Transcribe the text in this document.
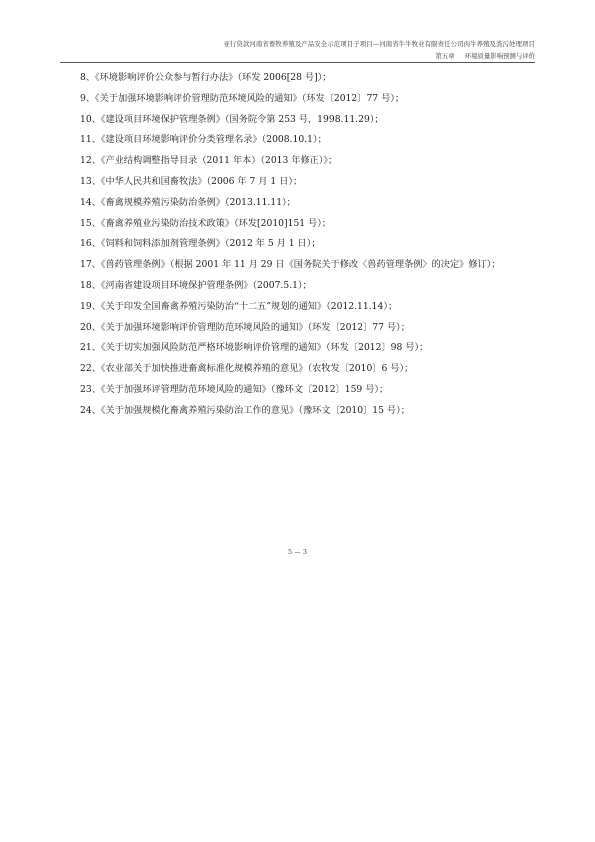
亚行贷款河南省畜牧养殖及产品安全示范项目子项目—河南省牛牛牧业有限责任公司肉牛养殖及粪污处理项目
第五章 环境质量影响预测与评价

8、《环境影响评价公众参与暂行办法》（环发 2006[28 号]）；

9、《关于加强环境影响评价管理防范环境风险的通知》（环发〔2012〕77 号）；

10、《建设项目环境保护管理条例》（国务院令第 253 号，1998.11.29）；

11、《建设项目环境影响评价分类管理名录》（2008.10.1）；

12、《产业结构调整指导目录（2011 年本）（2013 年修正）》；

13、《中华人民共和国畜牧法》（2006 年 7 月 1 日）；

14、《畜禽规模养殖污染防治条例》（2013.11.11）；

15、《畜禽养殖业污染防治技术政策》（环发[2010]151 号）；

16、《饲料和饲料添加剂管理条例》（2012 年 5 月 1 日）；

17、《兽药管理条例》（根据 2001 年 11 月 29 日《国务院关于修改〈兽药管理条例〉的决定》修订）；

18、《河南省建设项目环境保护管理条例》（2007.5.1）；

19、《关于印发全国畜禽养殖污染防治“十二五”规划的通知》（2012.11.14）；

20、《关于加强环境影响评价管理防范环境风险的通知》（环发〔2012〕77 号）；

21、《关于切实加强风险防范严格环境影响评价管理的通知》（环发〔2012〕98 号）；

22、《农业部关于加快推进畜禽标准化规模养殖的意见》（农牧发〔2010〕6 号）；

23、《关于加强环评管理防范环境风险的通知》（豫环文〔2012〕159 号）；

24、《关于加强规模化畜禽养殖污染防治工作的意见》（豫环文〔2010〕15 号）；

5 — 3
